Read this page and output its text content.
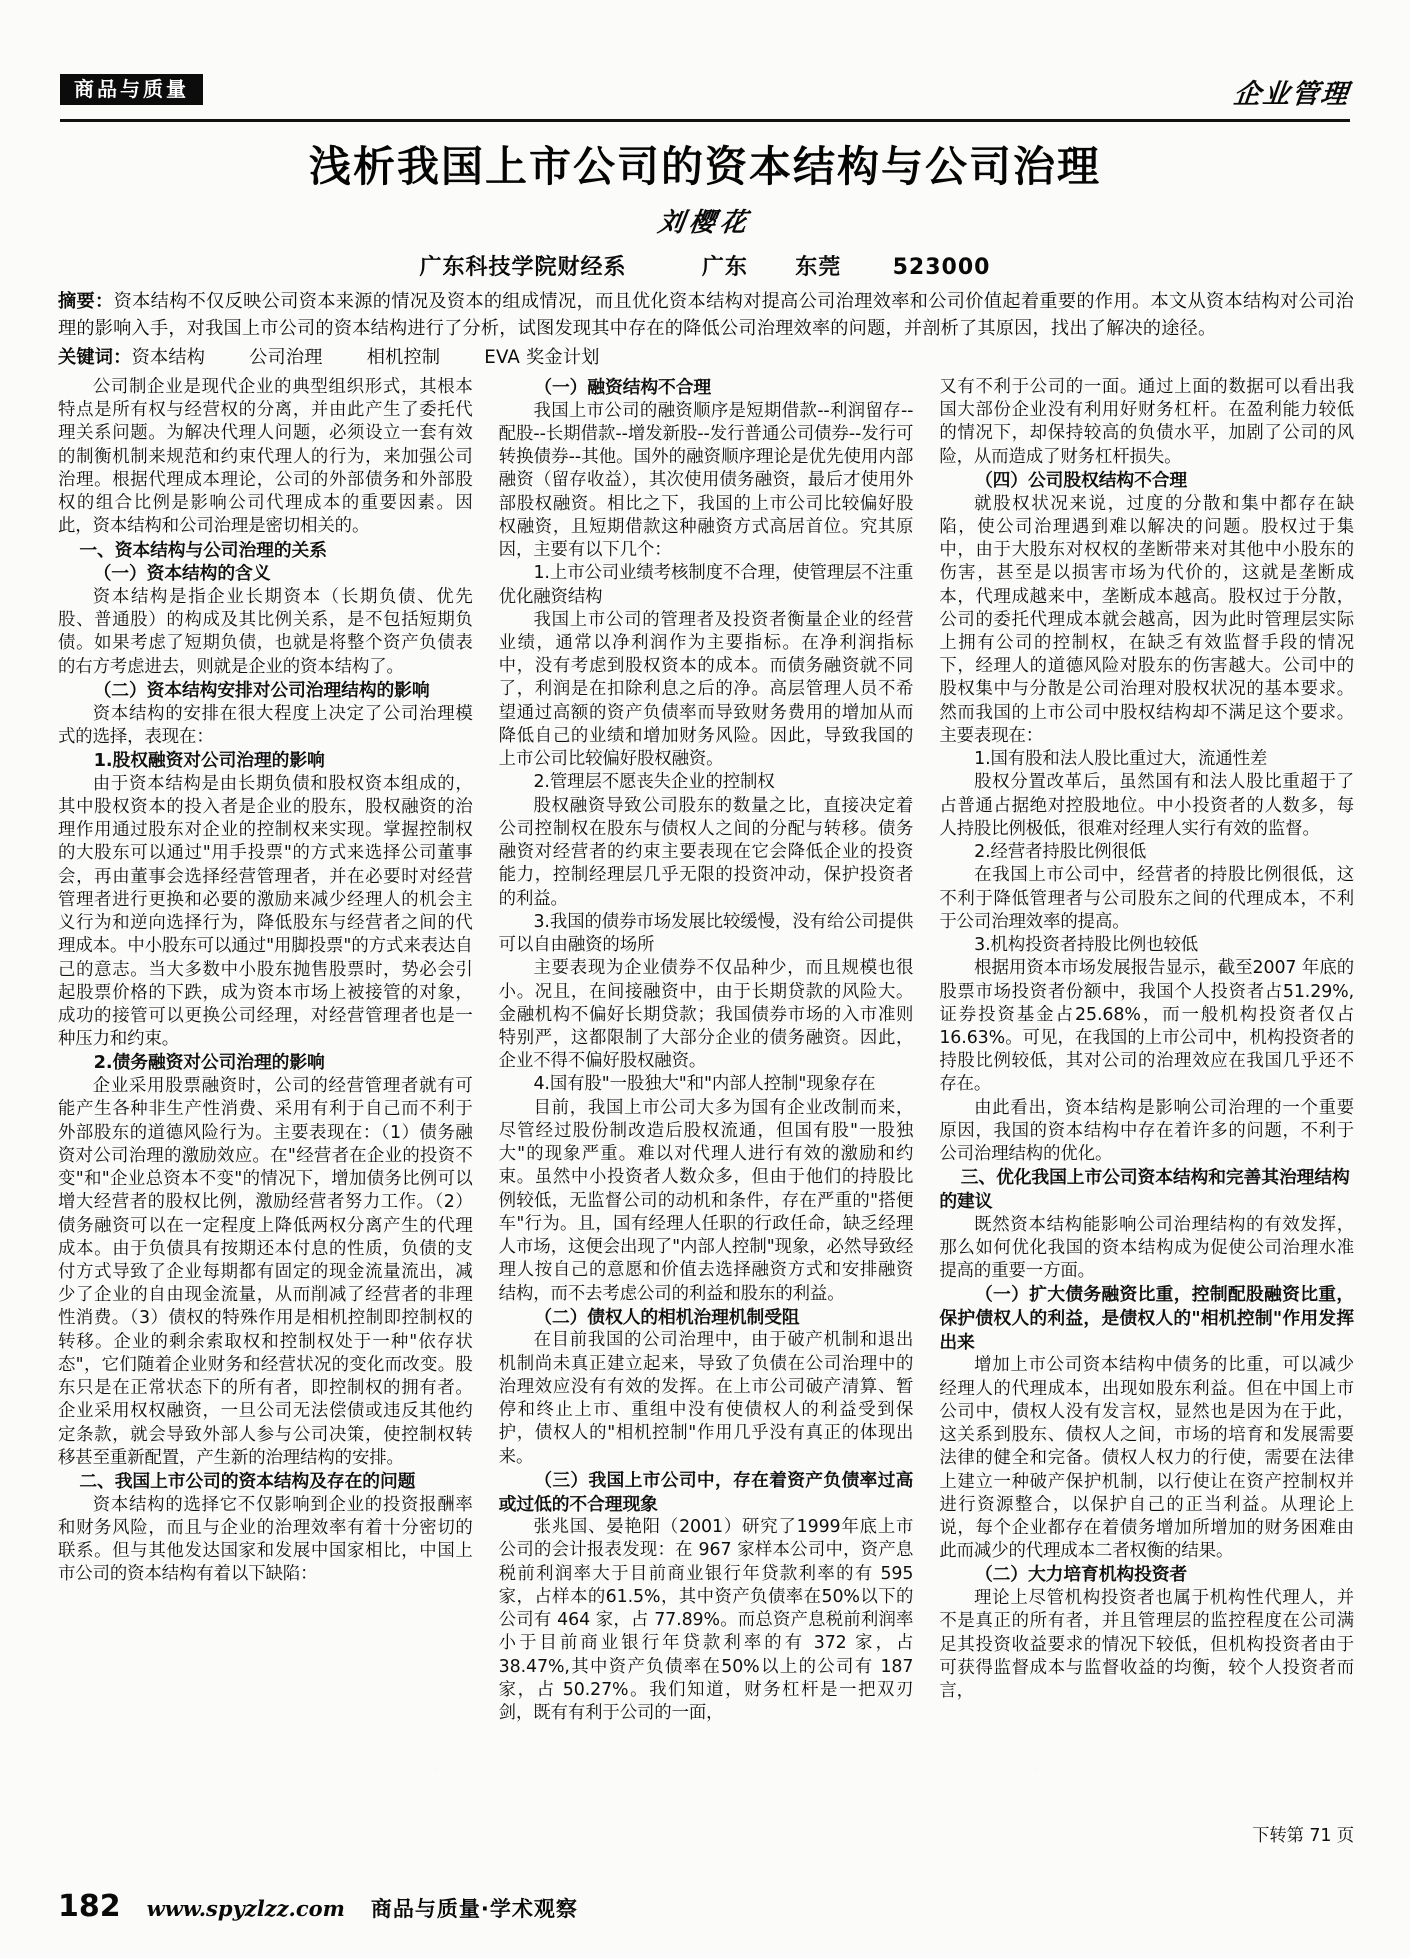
商品与质量	企业管理
浅析我国上市公司的资本结构与公司治理
刘樱花
广东科技学院财经系	广东 东莞 523000
摘要：资本结构不仅反映公司资本来源的情况及资本的组成情况，而且优化资本结构对提高公司治理效率和公司价值起着重要的作用。本文从资本结构对公司治理的影响入手，对我国上市公司的资本结构进行了分析，试图发现其中存在的降低公司治理效率的问题，并剖析了其原因，找出了解决的途径。
关键词：资本结构 公司治理 相机控制 EVA 奖金计划

公司制企业是现代企业的典型组织形式，其根本特点是所有权与经营权的分离，并由此产生了委托代理关系问题。为解决代理人问题，必须设立一套有效的制衡机制来规范和约束代理人的行为，来加强公司治理。根据代理成本理论，公司的外部债务和外部股权的组合比例是影响公司代理成本的重要因素。因此，资本结构和公司治理是密切相关的。

一、资本结构与公司治理的关系
（一）资本结构的含义

资本结构是指企业长期资本（长期负债、优先股、普通股）的构成及其比例关系，是不包括短期负债。如果考虑了短期负债，也就是将整个资产负债表的右方考虑进去，则就是企业的资本结构了。

（二）资本结构安排对公司治理结构的影响

资本结构的安排在很大程度上决定了公司治理模式的选择，表现在：

1.股权融资对公司治理的影响

由于资本结构是由长期负债和股权资本组成的，其中股权资本的投入者是企业的股东，股权融资的治理作用通过股东对企业的控制权来实现。掌握控制权的大股东可以通过"用手投票"的方式来选择公司董事会，再由董事会选择经营管理者，并在必要时对经营管理者进行更换和必要的激励来减少经理人的机会主义行为和逆向选择行为，降低股东与经营者之间的代理成本。中小股东可以通过"用脚投票"的方式来表达自己的意志。当大多数中小股东抛售股票时，势必会引起股票价格的下跌，成为资本市场上被接管的对象，成功的接管可以更换公司经理，对经营管理者也是一种压力和约束。

2.债务融资对公司治理的影响

企业采用股票融资时，公司的经营管理者就有可能产生各种非生产性消费、采用有利于自己而不利于外部股东的道德风险行为。主要表现在：（1）债务融资对公司治理的激励效应。在"经营者在企业的投资不变"和"企业总资本不变"的情况下，增加债务比例可以增大经营者的股权比例，激励经营者努力工作。（2）债务融资可以在一定程度上降低两权分离产生的代理成本。由于负债具有按期还本付息的性质，负债的支付方式导致了企业每期都有固定的现金流量流出，减少了企业的自由现金流量，从而削减了经营者的非理性消费。（3）债权的特殊作用是相机控制即控制权的转移。企业的剩余索取权和控制权处于一种"依存状态"，它们随着企业财务和经营状况的变化而改变。股东只是在正常状态下的所有者，即控制权的拥有者。企业采用权权融资，一旦公司无法偿债或违反其他约定条款，就会导致外部人参与公司决策，使控制权转移甚至重新配置，产生新的治理结构的安排。

二、我国上市公司的资本结构及存在的问题

资本结构的选择它不仅影响到企业的投资报酬率和财务风险，而且与企业的治理效率有着十分密切的联系。但与其他发达国家和发展中国家相比，中国上市公司的资本结构有着以下缺陷：

（一）融资结构不合理

我国上市公司的融资顺序是短期借款--利润留存--配股--长期借款--增发新股--发行普通公司债券--发行可转换债券--其他。国外的融资顺序理论是优先使用内部融资（留存收益），其次使用债务融资，最后才使用外部股权融资。相比之下，我国的上市公司比较偏好股权融资，且短期借款这种融资方式高居首位。究其原因，主要有以下几个：

1.上市公司业绩考核制度不合理，使管理层不注重优化融资结构

我国上市公司的管理者及投资者衡量企业的经营业绩，通常以净利润作为主要指标。在净利润指标中，没有考虑到股权资本的成本。而债务融资就不同了，利润是在扣除利息之后的净。高层管理人员不希望通过高额的资产负债率而导致财务费用的增加从而降低自己的业绩和增加财务风险。因此，导致我国的上市公司比较偏好股权融资。

2.管理层不愿丧失企业的控制权

股权融资导致公司股东的数量之比，直接决定着公司控制权在股东与债权人之间的分配与转移。债务融资对经营者的约束主要表现在它会降低企业的投资能力，控制经理层几乎无限的投资冲动，保护投资者的利益。

3.我国的债券市场发展比较缓慢，没有给公司提供可以自由融资的场所

主要表现为企业债券不仅品种少，而且规模也很小。况且，在间接融资中，由于长期贷款的风险大。金融机构不偏好长期贷款；我国债券市场的入市准则特别严，这都限制了大部分企业的债务融资。因此，企业不得不偏好股权融资。

4.国有股"一股独大"和"内部人控制"现象存在

目前，我国上市公司大多为国有企业改制而来，尽管经过股份制改造后股权流通，但国有股"一股独大"的现象严重。难以对代理人进行有效的激励和约束。虽然中小投资者人数众多，但由于他们的持股比例较低，无监督公司的动机和条件，存在严重的"搭便车"行为。且，国有经理人任职的行政任命，缺乏经理人市场，这便会出现了"内部人控制"现象，必然导致经理人按自己的意愿和价值去选择融资方式和安排融资结构，而不去考虑公司的利益和股东的利益。

（二）债权人的相机治理机制受阻

在目前我国的公司治理中，由于破产机制和退出机制尚未真正建立起来，导致了负债在公司治理中的治理效应没有有效的发挥。在上市公司破产清算、暂停和终止上市、重组中没有使债权人的利益受到保护，债权人的"相机控制"作用几乎没有真正的体现出来。

（三）我国上市公司中，存在着资产负债率过高或过低的不合理现象

张兆国、晏艳阳（2001）研究了1999年底上市公司的会计报表发现：在 967 家样本公司中，资产息税前利润率大于目前商业银行年贷款利率的有 595 家，占样本的61.5%，其中资产负债率在50%以下的公司有 464 家，占 77.89%。而总资产息税前利润率小于目前商业银行年贷款利率的有 372 家，占38.47%,其中资产负债率在50%以上的公司有 187 家，占 50.27%。我们知道，财务杠杆是一把双刃剑，既有有利于公司的一面，

又有不利于公司的一面。通过上面的数据可以看出我国大部份企业没有利用好财务杠杆。在盈利能力较低的情况下，却保持较高的负债水平，加剧了公司的风险，从而造成了财务杠杆损失。

（四）公司股权结构不合理

就股权状况来说，过度的分散和集中都存在缺陷，使公司治理遇到难以解决的问题。股权过于集中，由于大股东对权权的垄断带来对其他中小股东的伤害，甚至是以损害市场为代价的，这就是垄断成本，代理成越来中，垄断成本越高。股权过于分散，公司的委托代理成本就会越高，因为此时管理层实际上拥有公司的控制权，在缺乏有效监督手段的情况下，经理人的道德风险对股东的伤害越大。公司中的股权集中与分散是公司治理对股权状况的基本要求。然而我国的上市公司中股权结构却不满足这个要求。主要表现在：

1.国有股和法人股比重过大，流通性差

股权分置改革后，虽然国有和法人股比重超于了占普通占据绝对控股地位。中小投资者的人数多，每人持股比例极低，很难对经理人实行有效的监督。

2.经营者持股比例很低

在我国上市公司中，经营者的持股比例很低，这不利于降低管理者与公司股东之间的代理成本，不利于公司治理效率的提高。

3.机构投资者持股比例也较低

根据用资本市场发展报告显示，截至2007 年底的股票市场投资者份额中，我国个人投资者占51.29%,证券投资基金占25.68%，而一般机构投资者仅占 16.63%。可见，在我国的上市公司中，机构投资者的持股比例较低，其对公司的治理效应在我国几乎还不存在。

由此看出，资本结构是影响公司治理的一个重要原因，我国的资本结构中存在着许多的问题，不利于公司治理结构的优化。

三、优化我国上市公司资本结构和完善其治理结构的建议

既然资本结构能影响公司治理结构的有效发挥，那么如何优化我国的资本结构成为促使公司治理水准提高的重要一方面。

（一）扩大债务融资比重，控制配股融资比重，保护债权人的利益，是债权人的"相机控制"作用发挥出来

增加上市公司资本结构中债务的比重，可以减少经理人的代理成本，出现如股东利益。但在中国上市公司中，债权人没有发言权，显然也是因为在于此，这关系到股东、债权人之间，市场的培育和发展需要法律的健全和完备。债权人权力的行使，需要在法律上建立一种破产保护机制，以行使让在资产控制权并进行资源整合，以保护自己的正当利益。从理论上说，每个企业都存在着债务增加所增加的财务困难由此而减少的代理成本二者权衡的结果。

（二）大力培育机构投资者

理论上尽管机构投资者也属于机构性代理人，并不是真正的所有者，并且管理层的监控程度在公司满足其投资收益要求的情况下较低，但机构投资者由于可获得监督成本与监督收益的均衡，较个人投资者而言，

下转第 71 页
182 www.spyzlzz.com 商品与质量·学术观察
